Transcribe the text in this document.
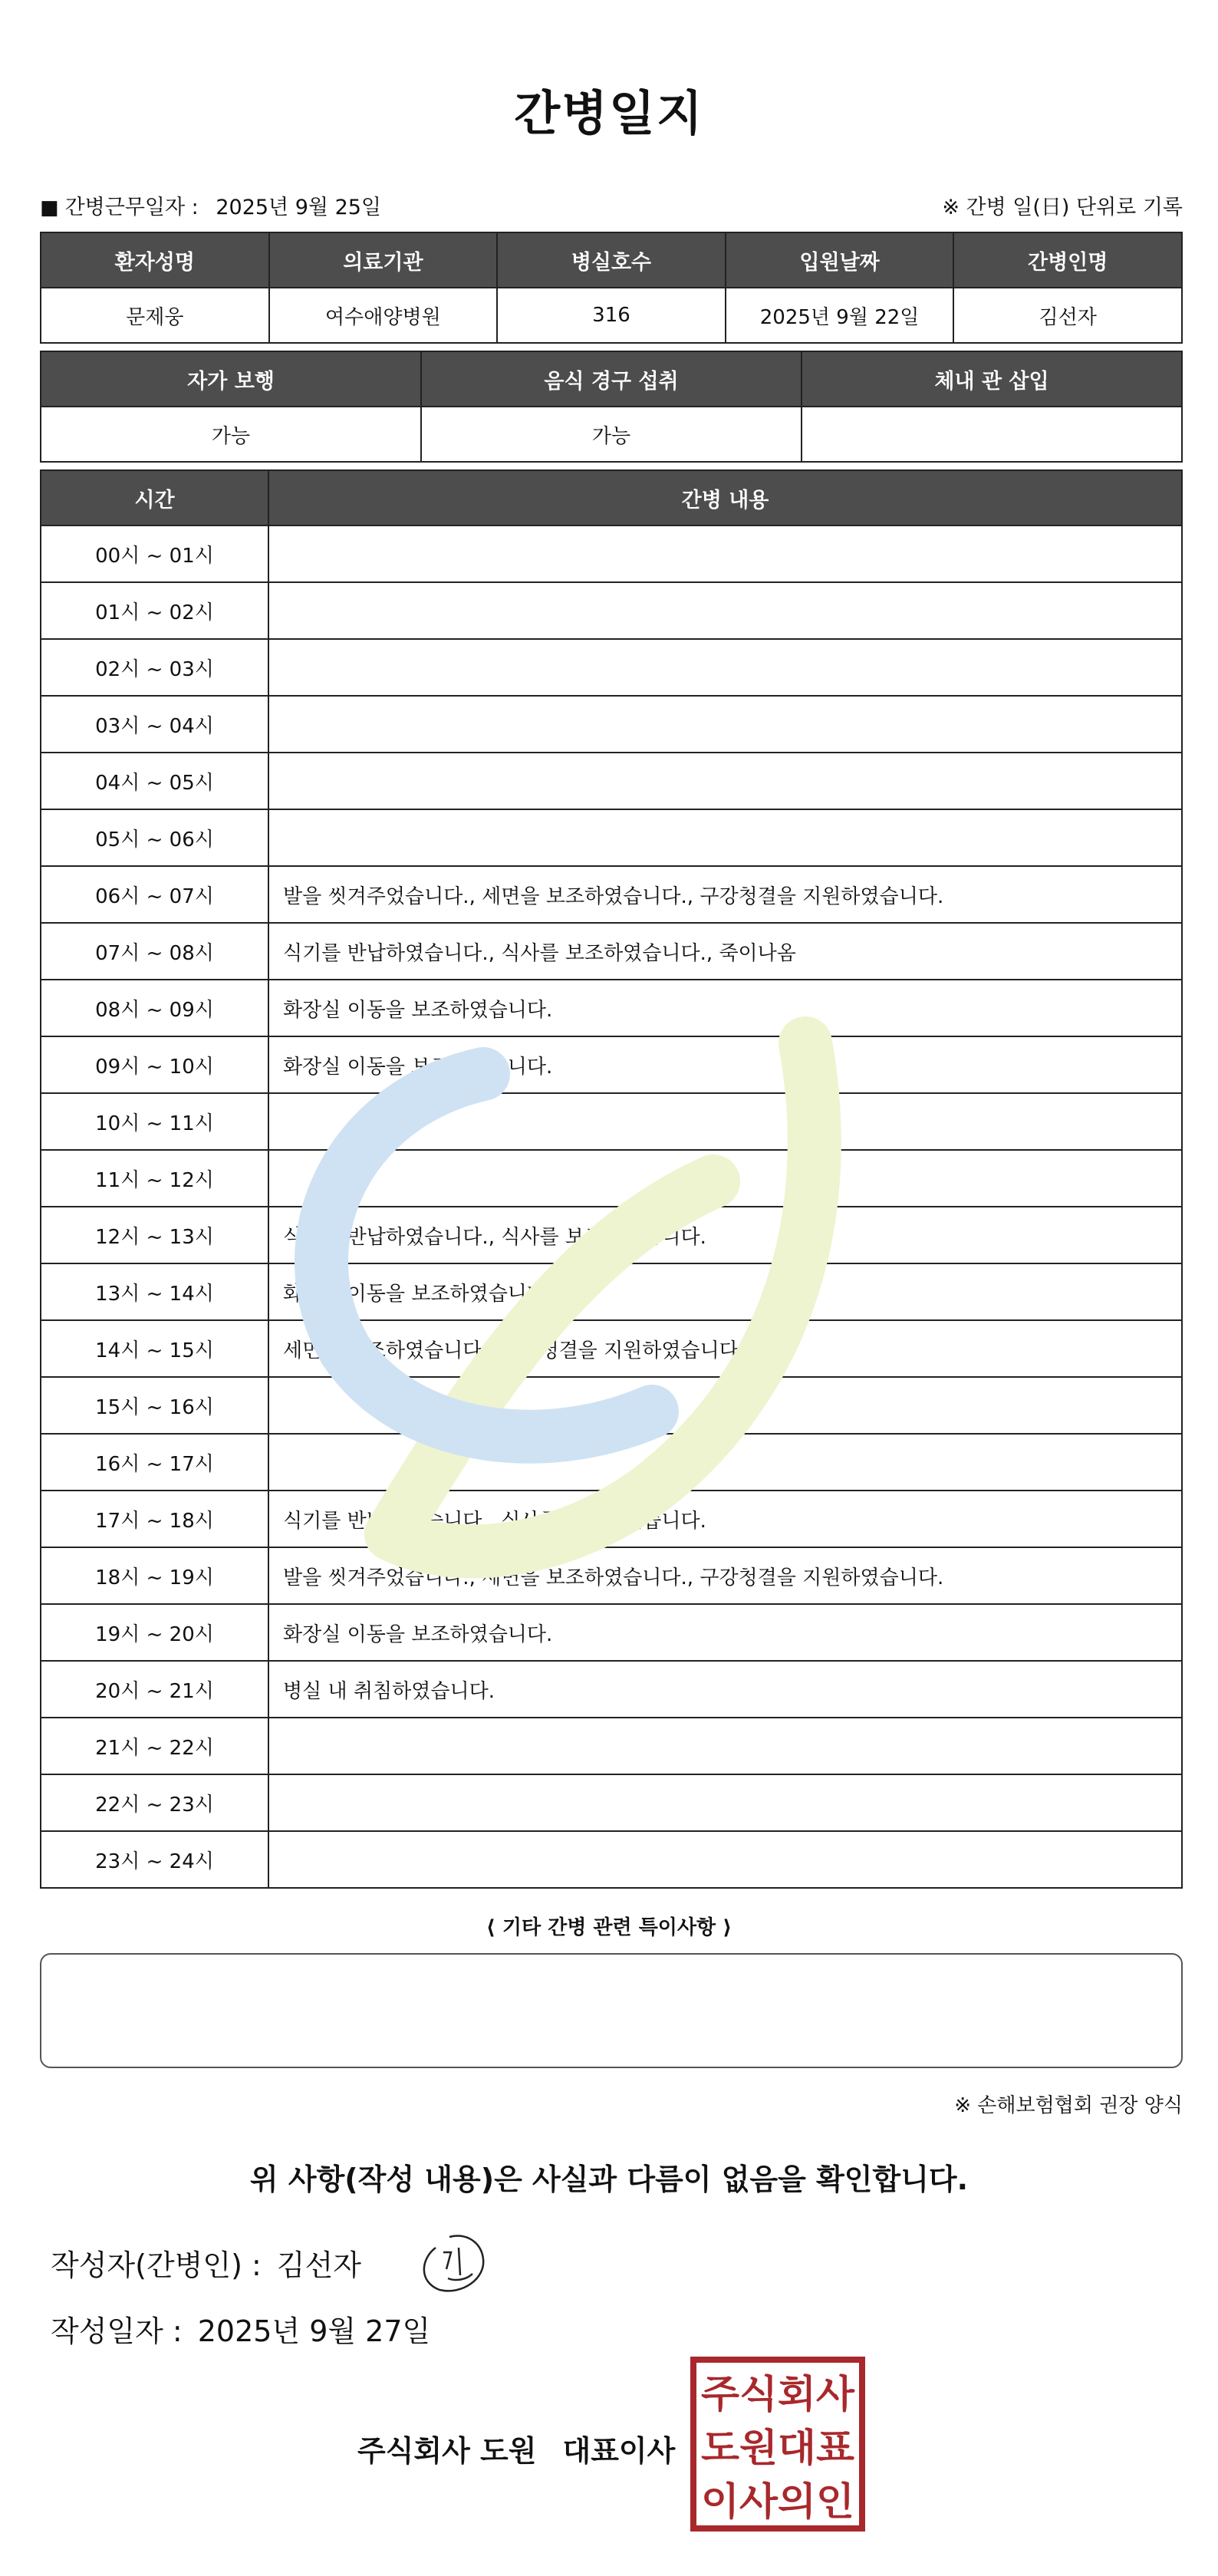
간병일지
■ 간병근무일자 : 2025년 9월 25일	※ 간병 일(日) 단위로 기록
환자성명	의료기관	병실호수	입원날짜	간병인명
문제웅	여수애양병원	316	2025년 9월 22일	김선자
자가 보행	음식 경구 섭취	체내 관 삽입
가능	가능	
시간	간병 내용
00시 ~ 01시	
01시 ~ 02시	
02시 ~ 03시	
03시 ~ 04시	
04시 ~ 05시	
05시 ~ 06시	
06시 ~ 07시	발을 씻겨주었습니다., 세면을 보조하였습니다., 구강청결을 지원하였습니다.
07시 ~ 08시	식기를 반납하였습니다., 식사를 보조하였습니다., 죽이나옴
08시 ~ 09시	화장실 이동을 보조하였습니다.
09시 ~ 10시	화장실 이동을 보조하였습니다.
10시 ~ 11시	
11시 ~ 12시	
12시 ~ 13시	식기를 반납하였습니다., 식사를 보조하였습니다.
13시 ~ 14시	화장실 이동을 보조하였습니다.
14시 ~ 15시	세면을 보조하였습니다., 구강청결을 지원하였습니다.
15시 ~ 16시	
16시 ~ 17시	
17시 ~ 18시	식기를 반납하였습니다., 식사를 보조하였습니다.
18시 ~ 19시	발을 씻겨주었습니다., 세면을 보조하였습니다., 구강청결을 지원하였습니다.
19시 ~ 20시	화장실 이동을 보조하였습니다.
20시 ~ 21시	병실 내 취침하였습니다.
21시 ~ 22시	
22시 ~ 23시	
23시 ~ 24시	
⟨ 기타 간병 관련 특이사항 ⟩
※ 손해보험협회 권장 양식
위 사항(작성 내용)은 사실과 다름이 없음을 확인합니다.
작성자(간병인) : 김선자
작성일자 : 2025년 9월 27일
주식회사 도원 대표이사
주식회사
도원대표
이사의인
